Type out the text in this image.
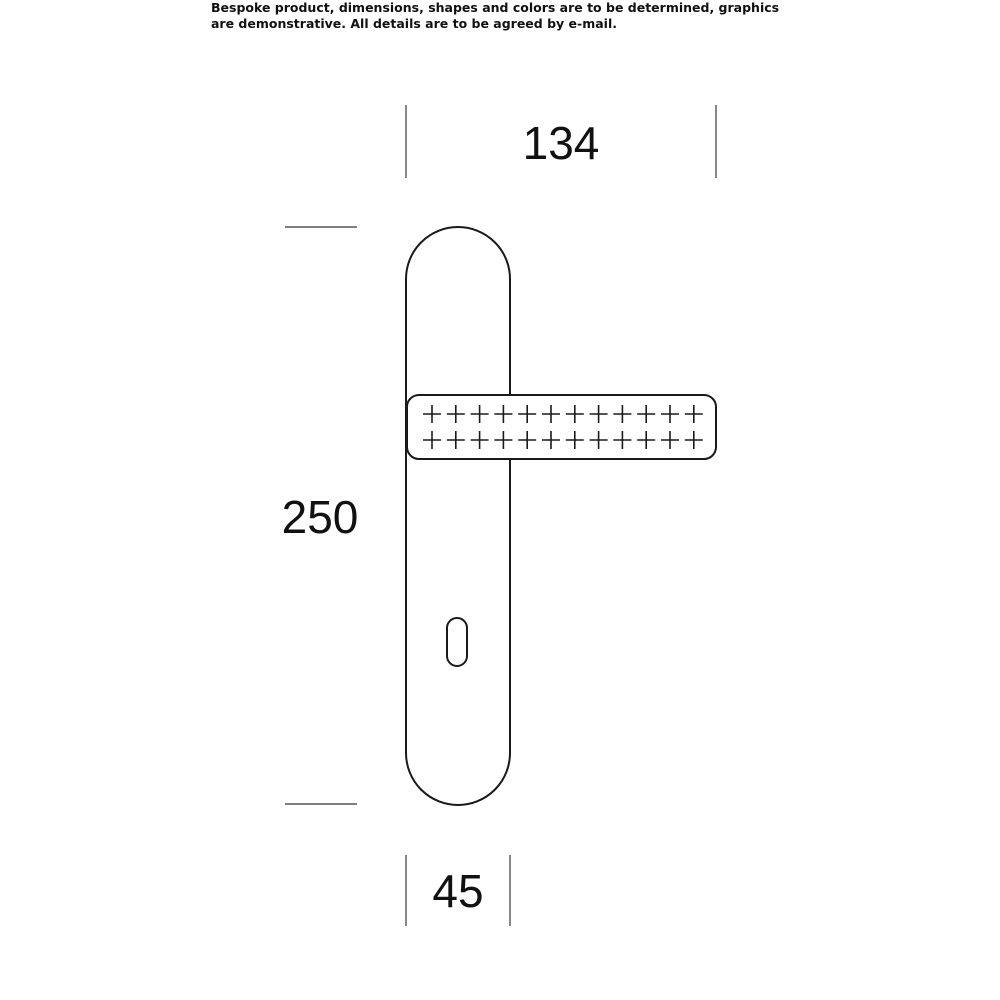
Bespoke product, dimensions, shapes and colors are to be determined, graphics
are demonstrative. All details are to be agreed by e-mail.
134
250
45
